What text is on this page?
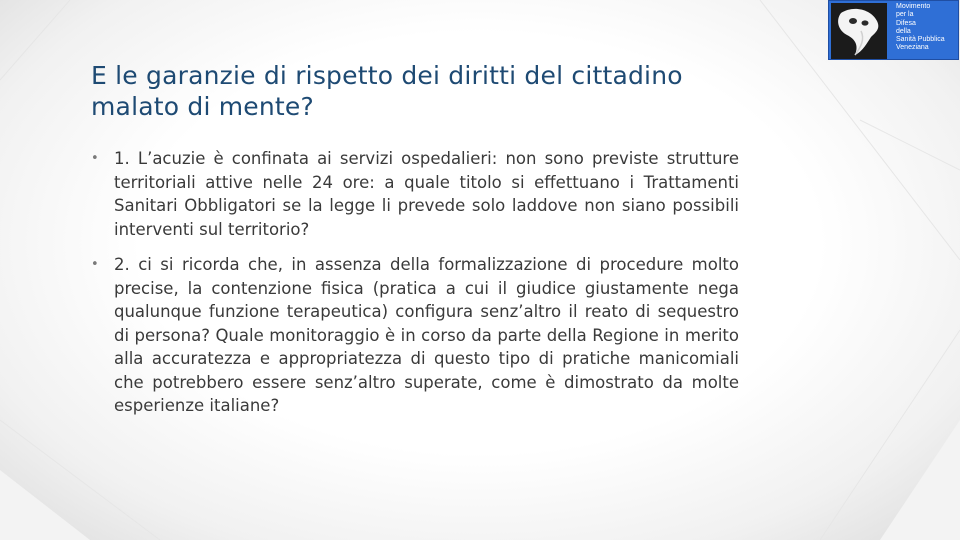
Movimento
per la
Difesa
della
Sanità Pubblica
Veneziana
E le garanzie di rispetto dei diritti del cittadino malato di mente?
• 1. L’acuzie è confinata ai servizi ospedalieri: non sono previste strutture territoriali attive nelle 24 ore: a quale titolo si effettuano i Trattamenti Sanitari Obbligatori se la legge li prevede solo laddove non siano possibili interventi sul territorio?
• 2. ci si ricorda che, in assenza della formalizzazione di procedure molto precise, la contenzione fisica (pratica a cui il giudice giustamente nega qualunque funzione terapeutica) configura senz’altro il reato di sequestro di persona? Quale monitoraggio è in corso da parte della Regione in merito alla accuratezza e appropriatezza di questo tipo di pratiche manicomiali che potrebbero essere senz’altro superate, come è dimostrato da molte esperienze italiane?
